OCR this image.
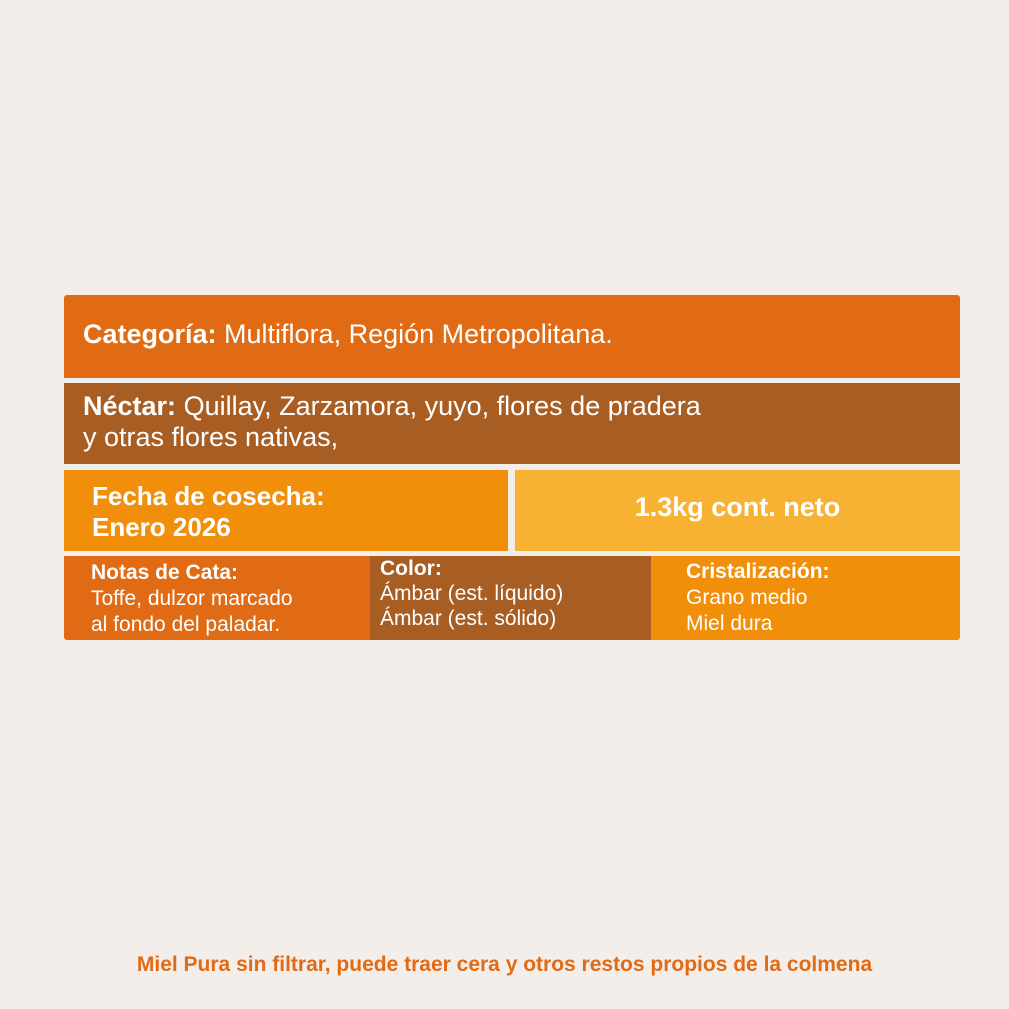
Categoría: Multiflora, Región Metropolitana.
Néctar: Quillay, Zarzamora, yuyo, flores de pradera
y otras flores nativas,
Fecha de cosecha:
Enero 2026
1.3kg cont. neto
Notas de Cata:
Toffe, dulzor marcado
al fondo del paladar.
Color:
Ámbar (est. líquido)
Ámbar (est. sólido)
Cristalización:
Grano medio
Miel dura
Miel Pura sin filtrar, puede traer cera y otros restos propios de la colmena
